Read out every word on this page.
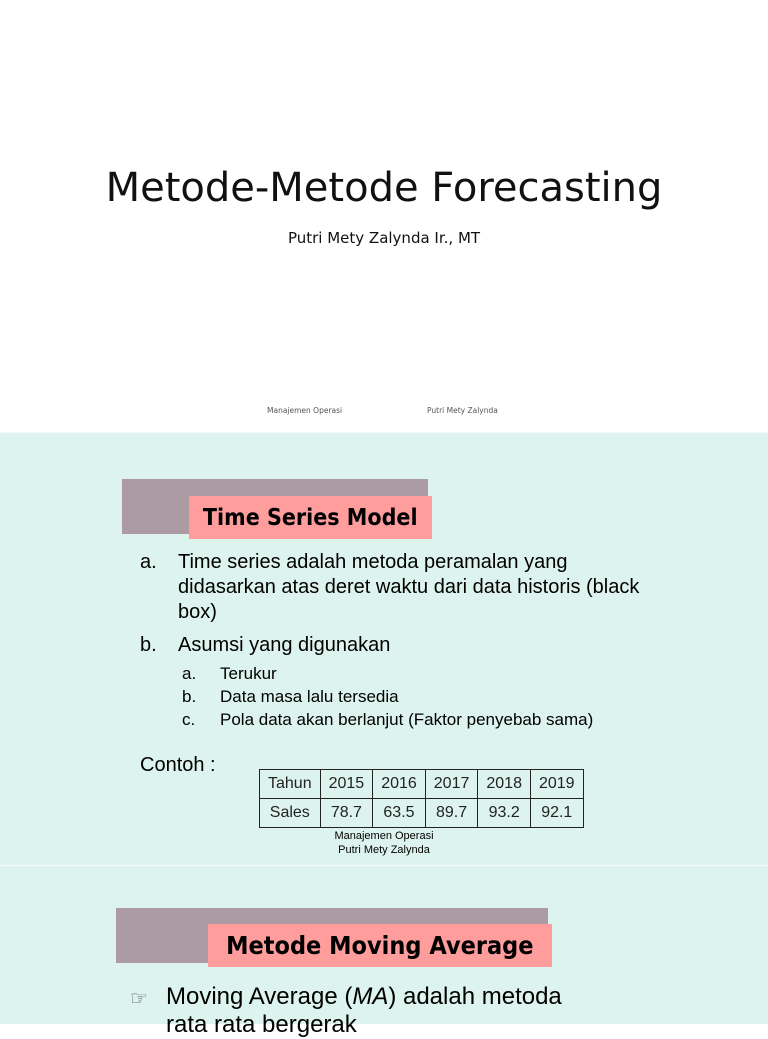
Metode-Metode Forecasting
Putri Mety Zalynda Ir., MT
Manajemen Operasi	Putri Mety Zalynda
Time Series Model
a. Time series adalah metoda peramalan yang didasarkan atas deret waktu dari data historis (black box)
b. Asumsi yang digunakan
a. Terukur
b. Data masa lalu tersedia
c. Pola data akan berlanjut (Faktor penyebab sama)
Contoh :
Tahun	2015	2016	2017	2018	2019
Sales	78.7	63.5	89.7	93.2	92.1
Manajemen Operasi
Putri Mety Zalynda
Metode Moving Average
☞ Moving Average (MA) adalah metoda
rata rata bergerak
